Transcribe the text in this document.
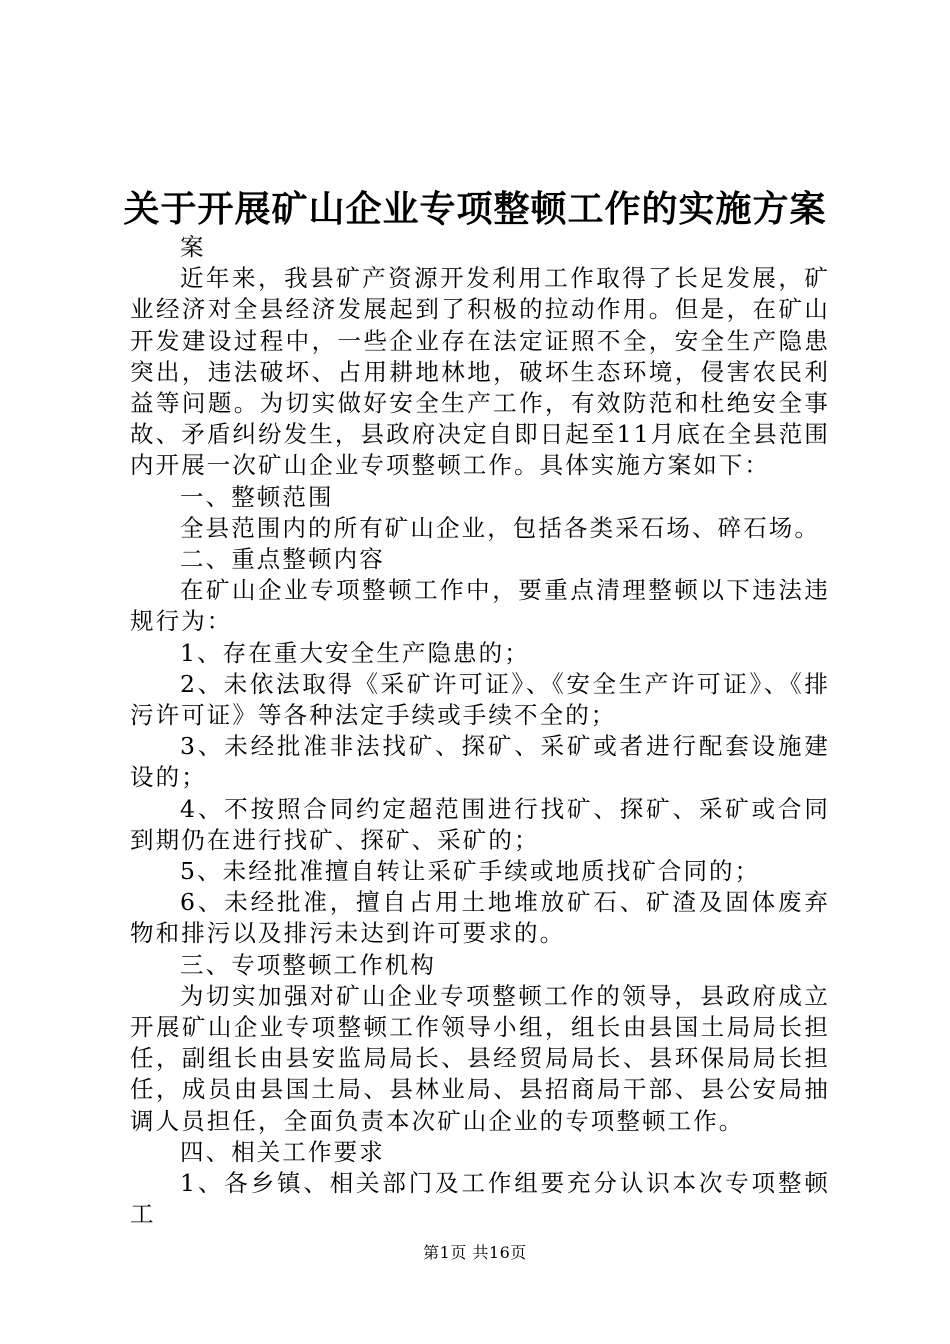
关于开展矿山企业专项整顿工作的实施方案

案

近年来，我县矿产资源开发利用工作取得了长足发展，矿业经济对全县经济发展起到了积极的拉动作用。但是，在矿山开发建设过程中，一些企业存在法定证照不全，安全生产隐患突出，违法破坏、占用耕地林地，破坏生态环境，侵害农民利益等问题。为切实做好安全生产工作，有效防范和杜绝安全事故、矛盾纠纷发生，县政府决定自即日起至11月底在全县范围内开展一次矿山企业专项整顿工作。具体实施方案如下：

一、整顿范围

全县范围内的所有矿山企业，包括各类采石场、碎石场。

二、重点整顿内容

在矿山企业专项整顿工作中，要重点清理整顿以下违法违规行为：

1、存在重大安全生产隐患的；

2、未依法取得《采矿许可证》、《安全生产许可证》、《排污许可证》等各种法定手续或手续不全的；

3、未经批准非法找矿、探矿、采矿或者进行配套设施建设的；

4、不按照合同约定超范围进行找矿、探矿、采矿或合同到期仍在进行找矿、探矿、采矿的；

5、未经批准擅自转让采矿手续或地质找矿合同的；

6、未经批准，擅自占用土地堆放矿石、矿渣及固体废弃物和排污以及排污未达到许可要求的。

三、专项整顿工作机构

为切实加强对矿山企业专项整顿工作的领导，县政府成立开展矿山企业专项整顿工作领导小组，组长由县国土局局长担任，副组长由县安监局局长、县经贸局局长、县环保局局长担任，成员由县国土局、县林业局、县招商局干部、县公安局抽调人员担任，全面负责本次矿山企业的专项整顿工作。

四、相关工作要求

1、各乡镇、相关部门及工作组要充分认识本次专项整顿工

第1页 共16页
